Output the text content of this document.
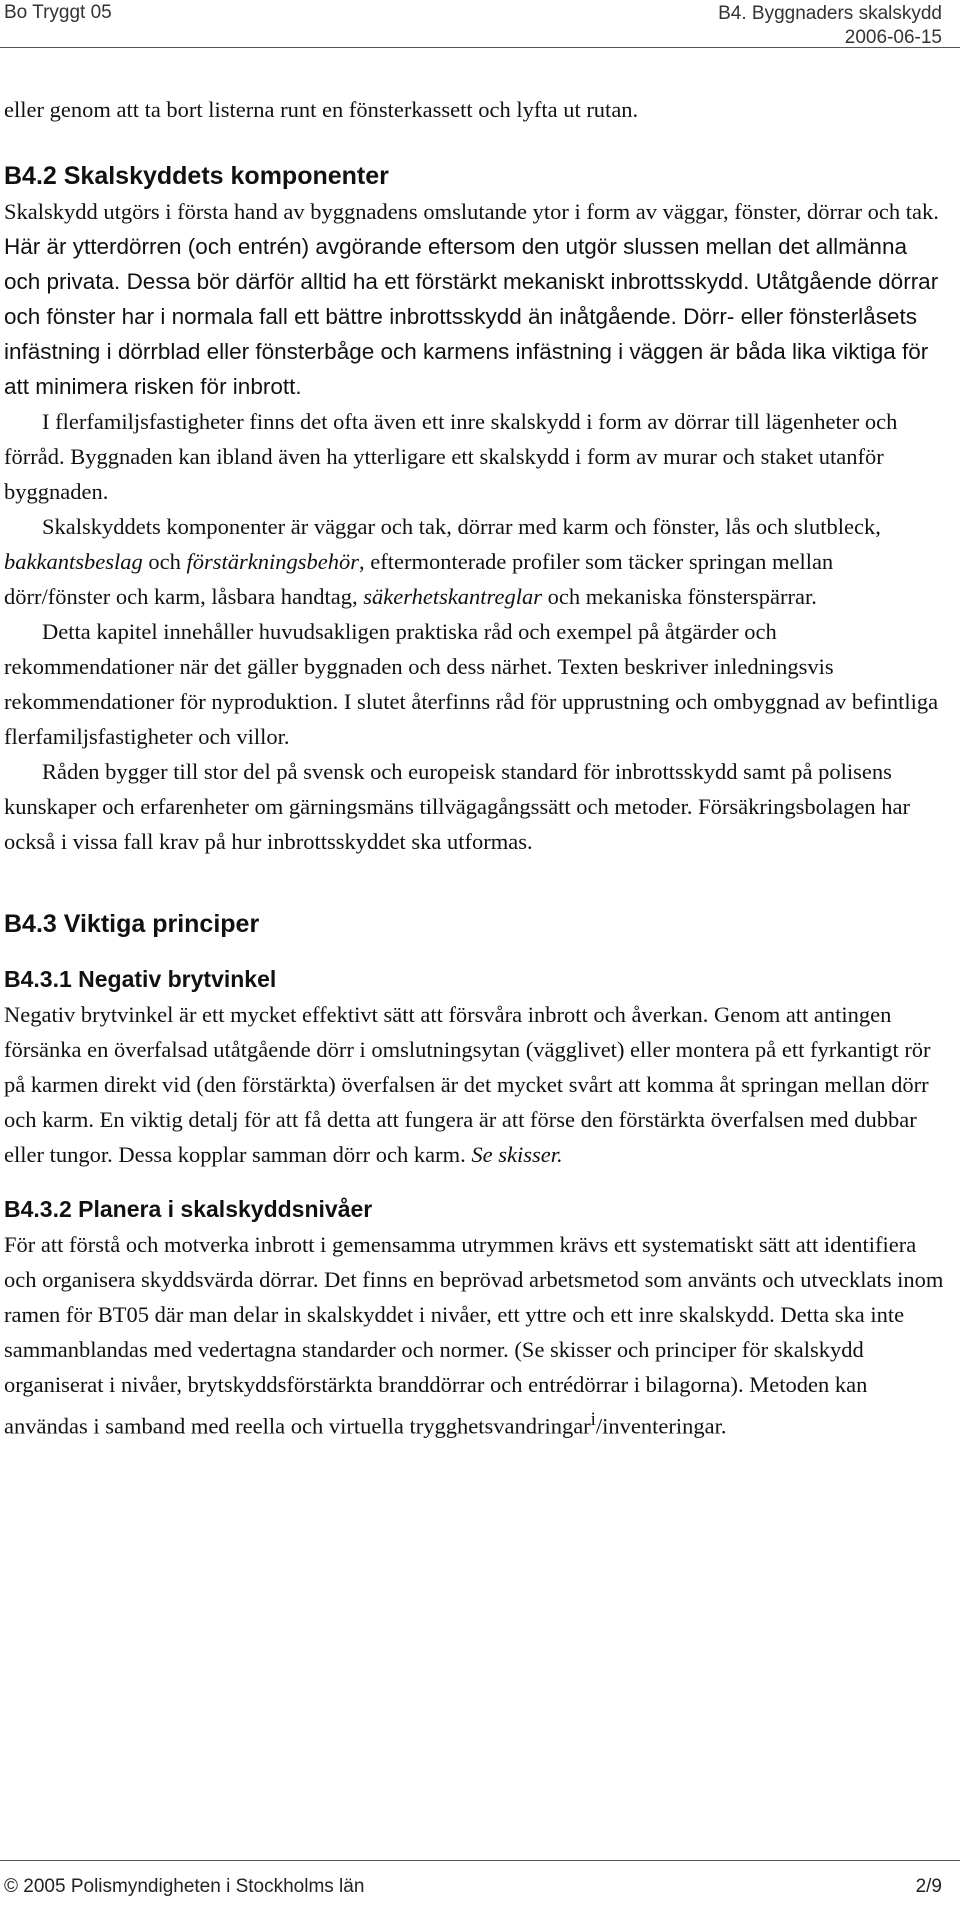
Bo Tryggt 05	B4. Byggnaders skalskydd
2006-06-15

eller genom att ta bort listerna runt en fönsterkassett och lyfta ut rutan.

B4.2 Skalskyddets komponenter

Skalskydd utgörs i första hand av byggnadens omslutande ytor i form av väggar, fönster, dörrar och tak. Här är ytterdörren (och entrén) avgörande eftersom den utgör slussen mellan det allmänna och privata. Dessa bör därför alltid ha ett förstärkt mekaniskt inbrottsskydd. Utåtgående dörrar och fönster har i normala fall ett bättre inbrottsskydd än inåtgående. Dörr- eller fönsterlåsets infästning i dörrblad eller fönsterbåge och karmens infästning i väggen är båda lika viktiga för att minimera risken för inbrott.

I flerfamiljsfastigheter finns det ofta även ett inre skalskydd i form av dörrar till lägenheter och förråd. Byggnaden kan ibland även ha ytterligare ett skalskydd i form av murar och staket utanför byggnaden.

Skalskyddets komponenter är väggar och tak, dörrar med karm och fönster, lås och slutbleck, bakkantsbeslag och förstärkningsbehör, eftermonterade profiler som täcker springan mellan dörr/fönster och karm, låsbara handtag, säkerhetskantreglar och mekaniska fönsterspärrar.

Detta kapitel innehåller huvudsakligen praktiska råd och exempel på åtgärder och rekommendationer när det gäller byggnaden och dess närhet. Texten beskriver inledningsvis rekommendationer för nyproduktion. I slutet återfinns råd för upprustning och ombyggnad av befintliga flerfamiljsfastigheter och villor.

Råden bygger till stor del på svensk och europeisk standard för inbrottsskydd samt på polisens kunskaper och erfarenheter om gärningsmäns tillvägagångssätt och metoder. Försäkringsbolagen har också i vissa fall krav på hur inbrottsskyddet ska utformas.

B4.3 Viktiga principer
B4.3.1 Negativ brytvinkel

Negativ brytvinkel är ett mycket effektivt sätt att försvåra inbrott och åverkan. Genom att antingen försänka en överfalsad utåtgående dörr i omslutningsytan (vägglivet) eller montera på ett fyrkantigt rör på karmen direkt vid (den förstärkta) överfalsen är det mycket svårt att komma åt springan mellan dörr och karm. En viktig detalj för att få detta att fungera är att förse den förstärkta överfalsen med dubbar eller tungor. Dessa kopplar samman dörr och karm. Se skisser.

B4.3.2 Planera i skalskyddsnivåer

För att förstå och motverka inbrott i gemensamma utrymmen krävs ett systematiskt sätt att identifiera och organisera skyddsvärda dörrar. Det finns en beprövad arbetsmetod som använts och utvecklats inom ramen för BT05 där man delar in skalskyddet i nivåer, ett yttre och ett inre skalskydd. Detta ska inte sammanblandas med vedertagna standarder och normer. (Se skisser och principer för skalskydd organiserat i nivåer, brytskyddsförstärkta branddörrar och entrédörrar i bilagorna). Metoden kan användas i samband med reella och virtuella trygghetsvandringar$^i$/inventeringar.

© 2005 Polismyndigheten i Stockholms län	2/9
